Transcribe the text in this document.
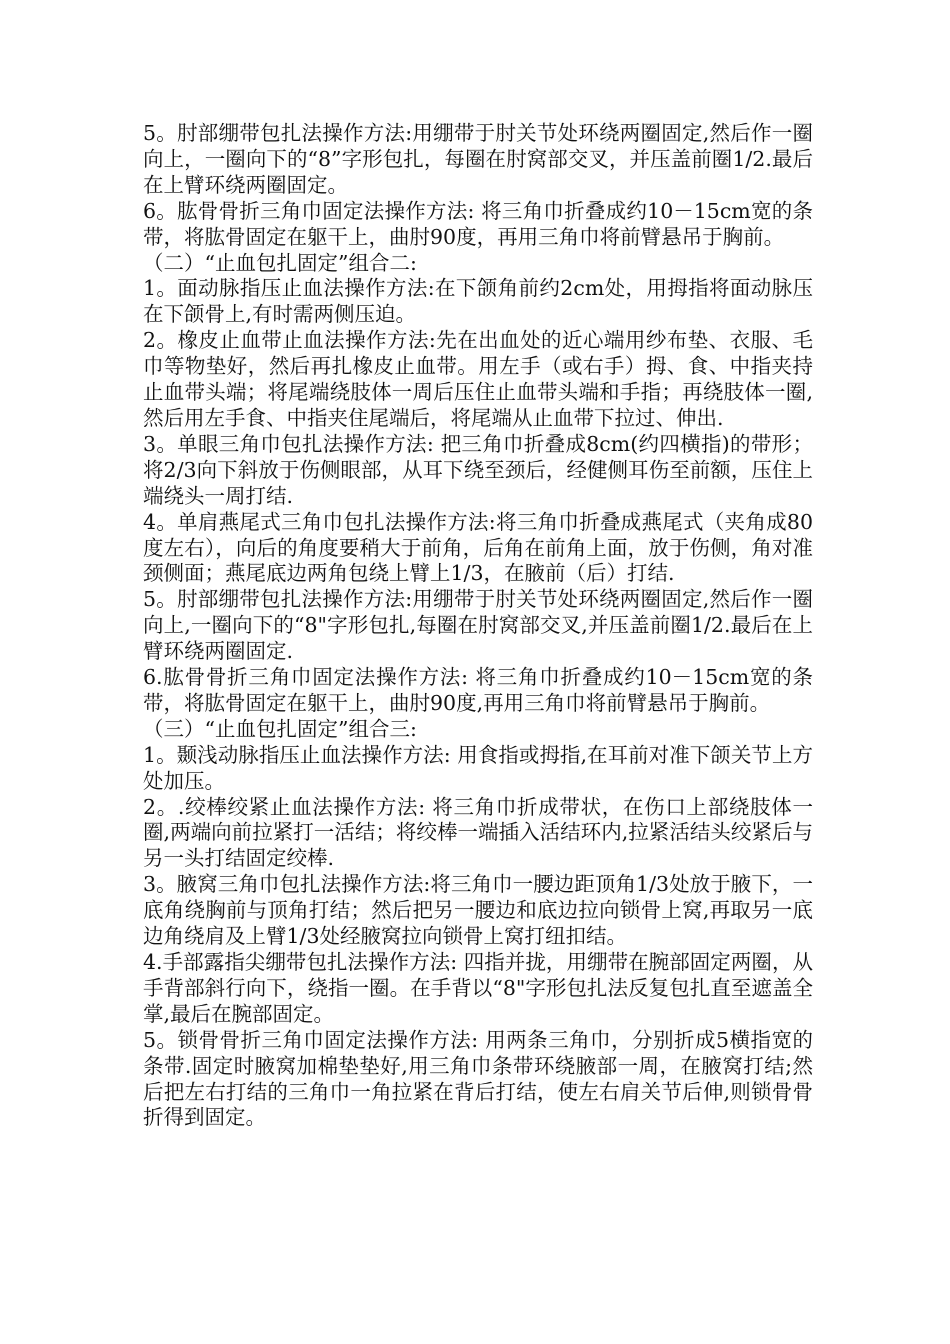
5。肘部绷带包扎法操作方法:用绷带于肘关节处环绕两圈固定,然后作一圈向上，一圈向下的“8”字形包扎，每圈在肘窝部交叉，并压盖前圈1/2.最后在上臂环绕两圈固定。

6。肱骨骨折三角巾固定法操作方法: 将三角巾折叠成约10－15cm宽的条带，将肱骨固定在躯干上，曲肘90度，再用三角巾将前臂悬吊于胸前。

（二）“止血包扎固定”组合二:

1。面动脉指压止血法操作方法:在下颌角前约2cm处，用拇指将面动脉压在下颌骨上,有时需两侧压迫。

2。橡皮止血带止血法操作方法:先在出血处的近心端用纱布垫、衣服、毛巾等物垫好，然后再扎橡皮止血带。用左手（或右手）拇、食、中指夹持止血带头端；将尾端绕肢体一周后压住止血带头端和手指；再绕肢体一圈,然后用左手食、中指夹住尾端后，将尾端从止血带下拉过、伸出.

3。单眼三角巾包扎法操作方法: 把三角巾折叠成8cm(约四横指)的带形；将2/3向下斜放于伤侧眼部，从耳下绕至颈后，经健侧耳伤至前额，压住上端绕头一周打结.

4。单肩燕尾式三角巾包扎法操作方法:将三角巾折叠成燕尾式（夹角成80度左右），向后的角度要稍大于前角，后角在前角上面，放于伤侧，角对准颈侧面；燕尾底边两角包绕上臂上1/3，在腋前（后）打结.

5。肘部绷带包扎法操作方法:用绷带于肘关节处环绕两圈固定,然后作一圈向上,一圈向下的“8"字形包扎,每圈在肘窝部交叉,并压盖前圈1/2.最后在上臂环绕两圈固定.

6.肱骨骨折三角巾固定法操作方法: 将三角巾折叠成约10－15cm宽的条带，将肱骨固定在躯干上，曲肘90度,再用三角巾将前臂悬吊于胸前。

（三）“止血包扎固定”组合三:

1。颞浅动脉指压止血法操作方法: 用食指或拇指,在耳前对准下颌关节上方处加压。

2。.绞棒绞紧止血法操作方法: 将三角巾折成带状，在伤口上部绕肢体一圈,两端向前拉紧打一活结；将绞棒一端插入活结环内,拉紧活结头绞紧后与另一头打结固定绞棒.

3。腋窝三角巾包扎法操作方法:将三角巾一腰边距顶角1/3处放于腋下，一底角绕胸前与顶角打结；然后把另一腰边和底边拉向锁骨上窝,再取另一底边角绕肩及上臂1/3处经腋窝拉向锁骨上窝打纽扣结。

4.手部露指尖绷带包扎法操作方法: 四指并拢，用绷带在腕部固定两圈，从手背部斜行向下，绕指一圈。在手背以“8"字形包扎法反复包扎直至遮盖全掌,最后在腕部固定。

5。锁骨骨折三角巾固定法操作方法: 用两条三角巾，分别折成5横指宽的条带.固定时腋窝加棉垫垫好,用三角巾条带环绕腋部一周，在腋窝打结;然后把左右打结的三角巾一角拉紧在背后打结，使左右肩关节后伸,则锁骨骨折得到固定。
